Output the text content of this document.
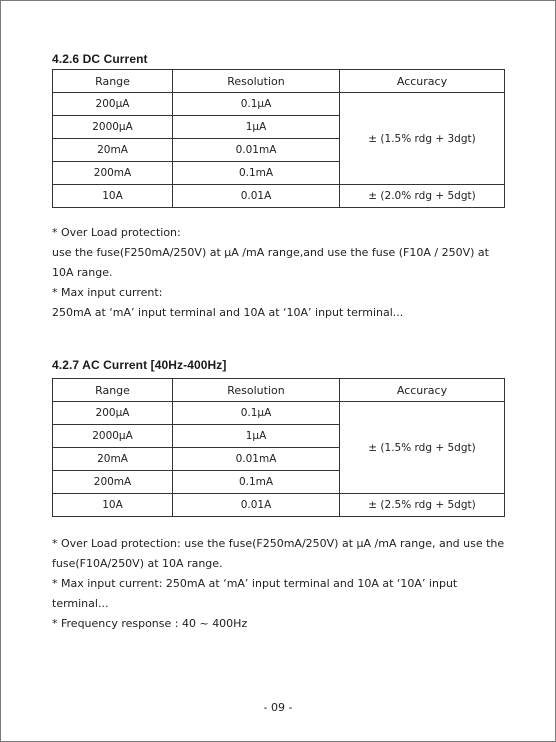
4.2.6 DC Current
Range	Resolution	Accuracy
200µA	0.1µA	± (1.5% rdg + 3dgt)
2000µA	1µA	
20mA	0.01mA	
200mA	0.1mA	
10A	0.01A	± (2.0% rdg + 5dgt)

* Over Load protection:

use the fuse(F250mA/250V) at µA /mA range,and use the fuse (F10A / 250V) at 10A range.

* Max input current:

250mA at ‘mA’ input terminal and 10A at ‘10A’ input terminal...

4.2.7 AC Current [40Hz-400Hz]
Range	Resolution	Accuracy
200µA	0.1µA	± (1.5% rdg + 5dgt)
2000µA	1µA	
20mA	0.01mA	
200mA	0.1mA	
10A	0.01A	± (2.5% rdg + 5dgt)

* Over Load protection: use the fuse(F250mA/250V) at µA /mA range, and use the fuse(F10A/250V) at 10A range.

* Max input current: 250mA at ‘mA’ input terminal and 10A at ‘10A’ input terminal...

* Frequency response : 40 ~ 400Hz

- 09 -
